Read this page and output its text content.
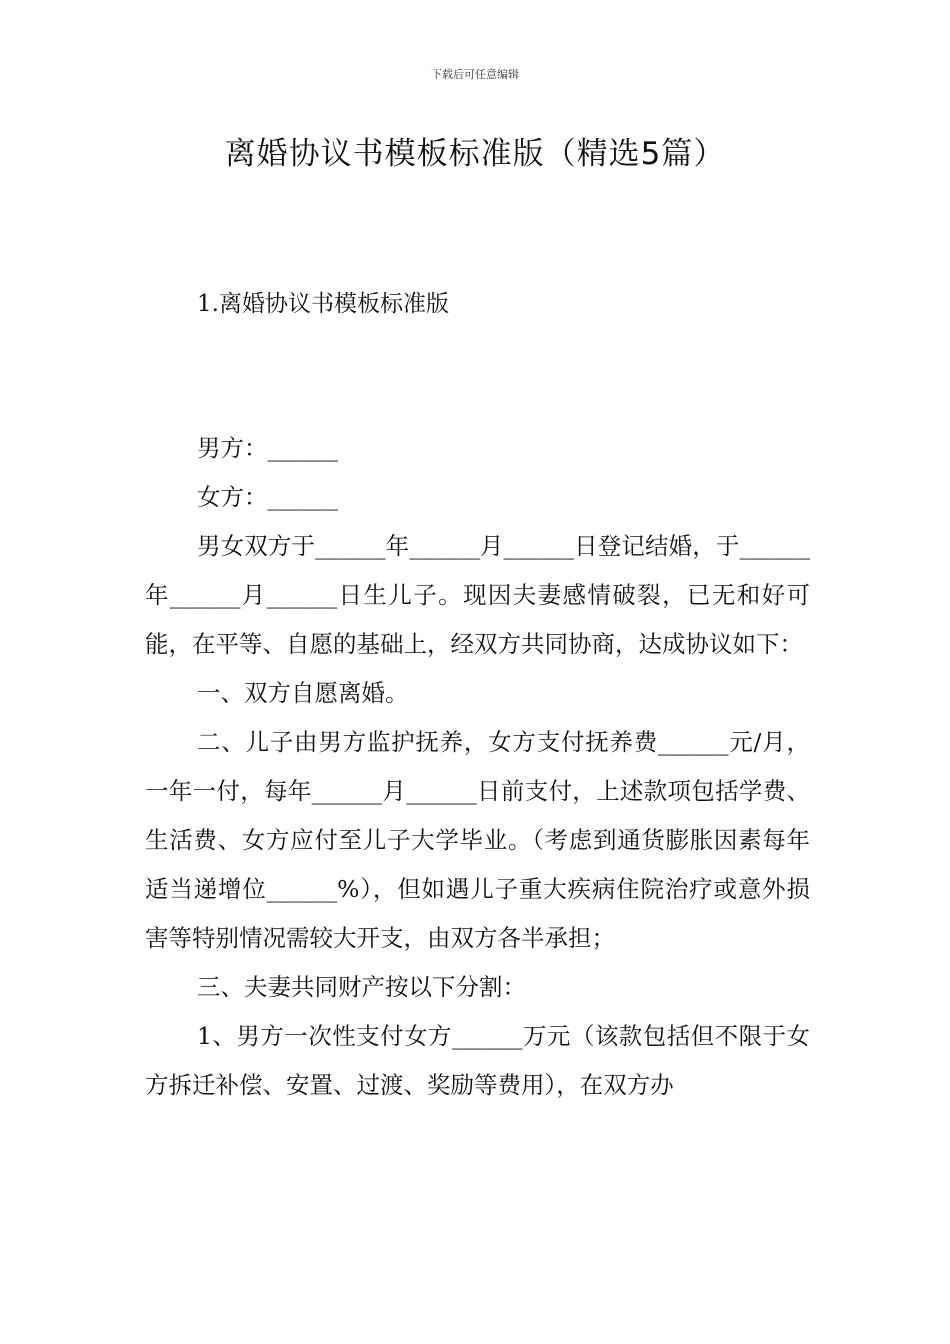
下载后可任意编辑
离婚协议书模板标准版（精选5篇）
1.离婚协议书模板标准版

男方：______

女方：______

男女双方于______年______月______日登记结婚，于______年______月______日生儿子。现因夫妻感情破裂，已无和好可能，在平等、自愿的基础上，经双方共同协商，达成协议如下：

一、双方自愿离婚。

二、儿子由男方监护抚养，女方支付抚养费______元/月，一年一付，每年______月______日前支付，上述款项包括学费、生活费、女方应付至儿子大学毕业。（考虑到通货膨胀因素每年适当递增位______%），但如遇儿子重大疾病住院治疗或意外损害等特别情况需较大开支，由双方各半承担；

三、夫妻共同财产按以下分割：

1、男方一次性支付女方______万元（该款包括但不限于女方拆迁补偿、安置、过渡、奖励等费用），在双方办
